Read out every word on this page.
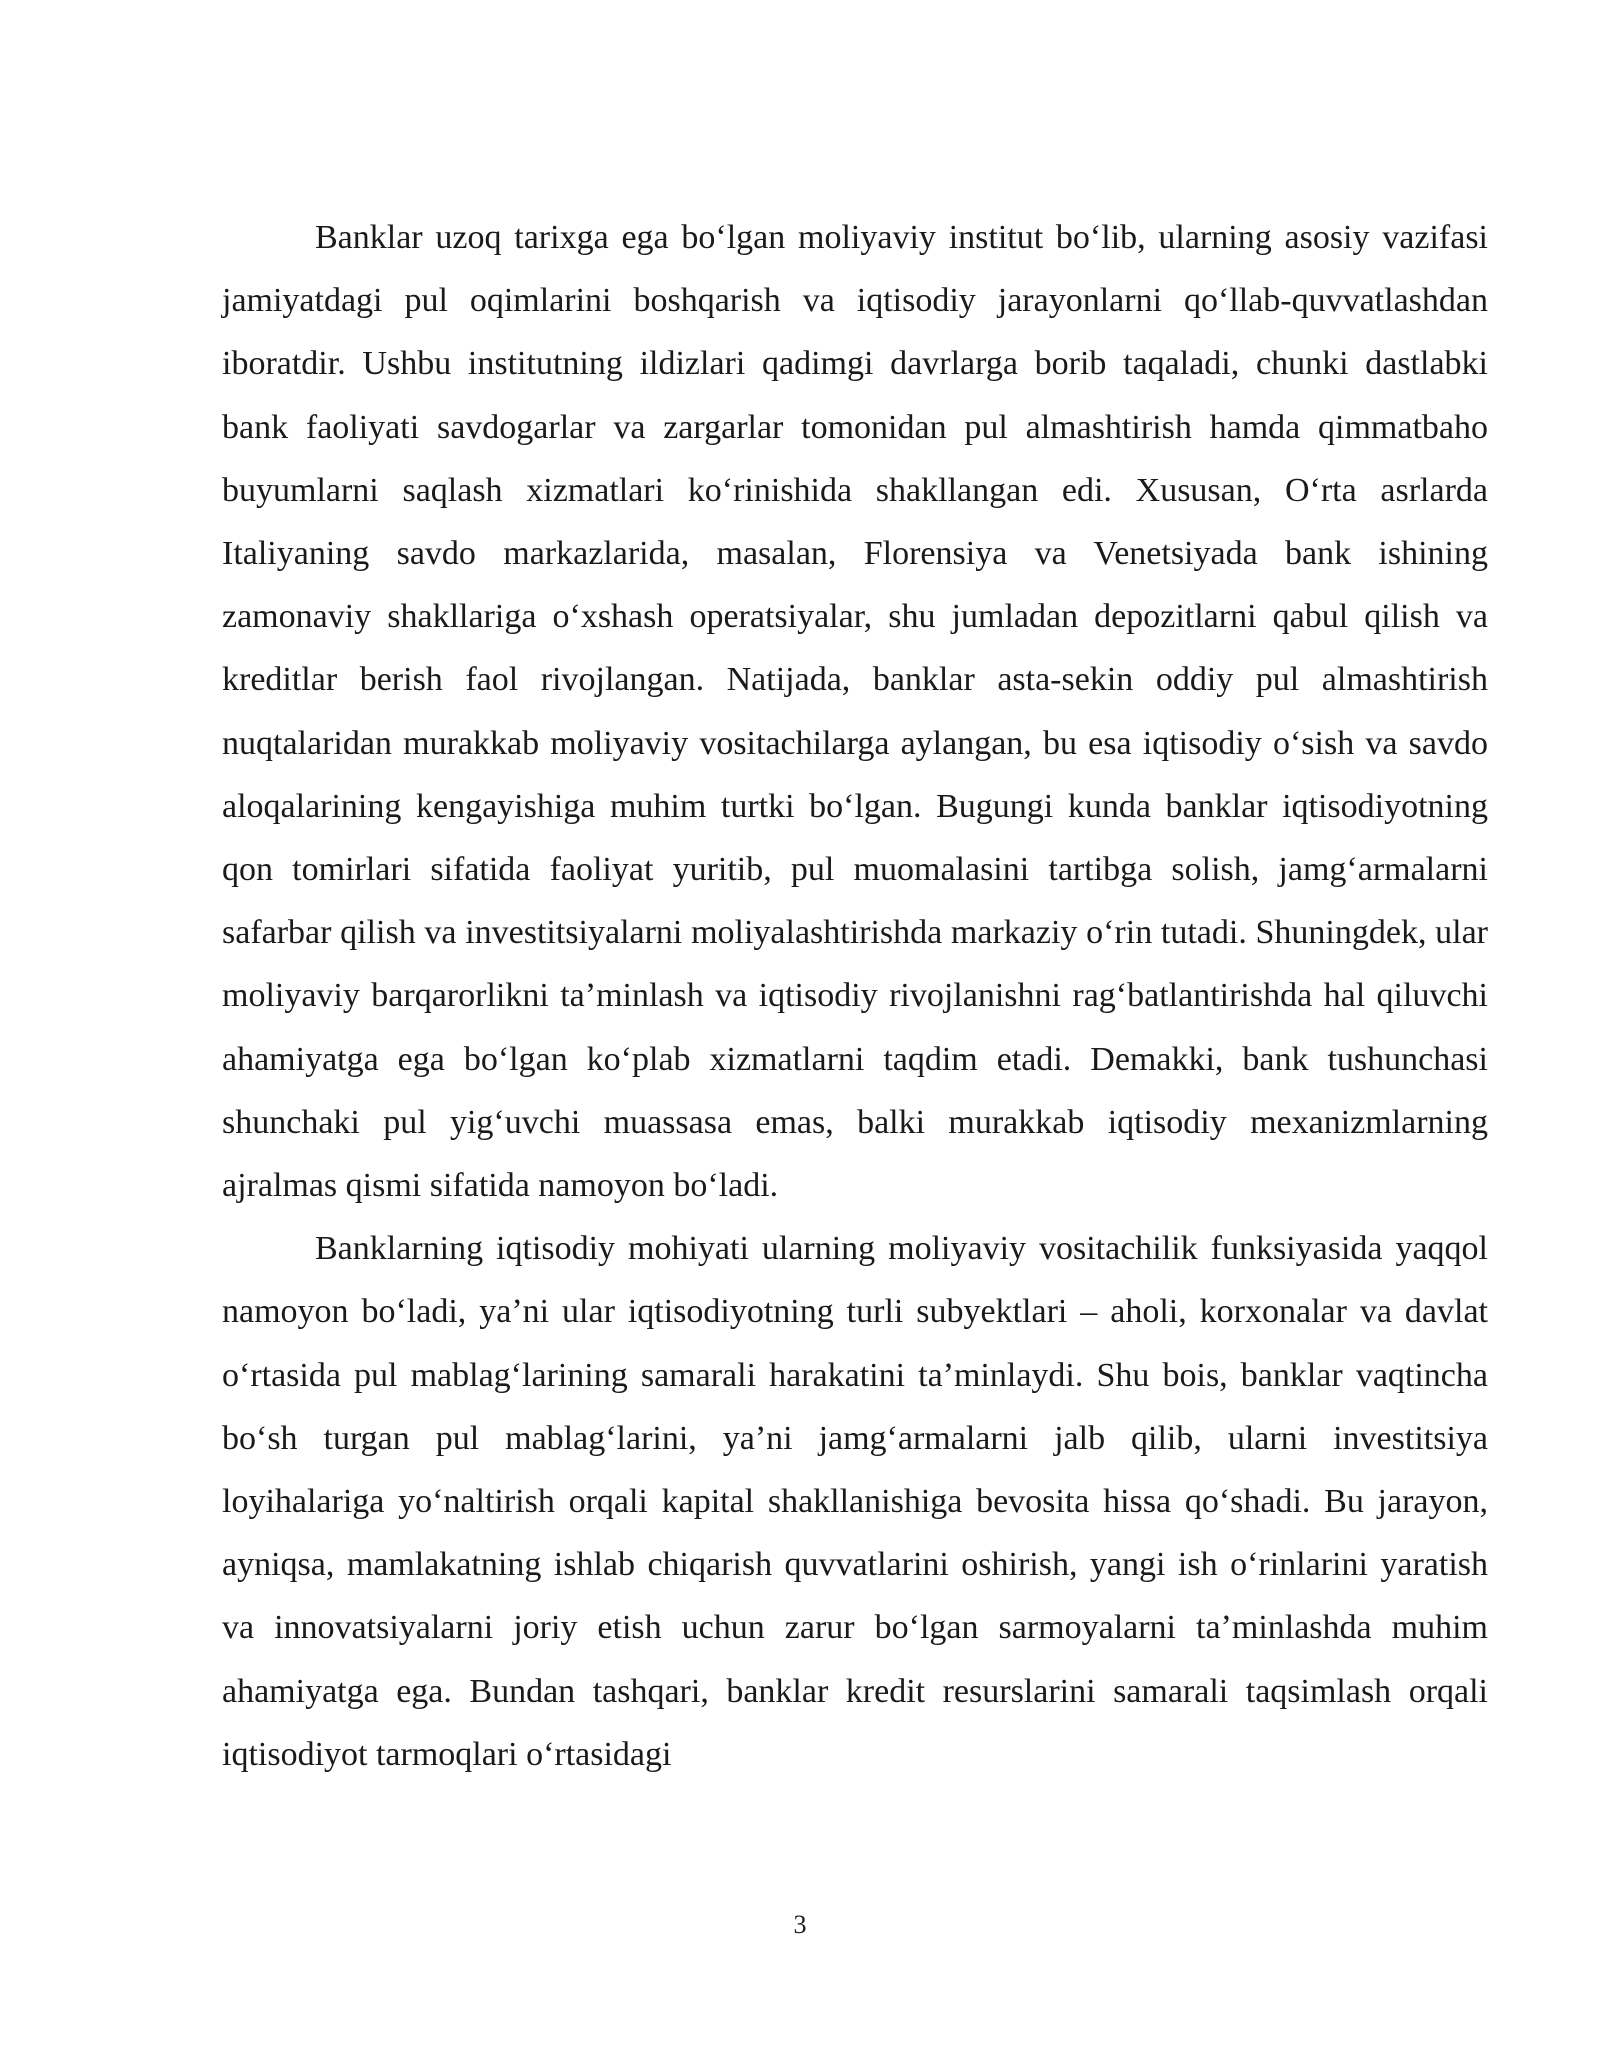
Banklar uzoq tarixga ega boʻlgan moliyaviy institut boʻlib, ularning asosiy vazifasi jamiyatdagi pul oqimlarini boshqarish va iqtisodiy jarayonlarni qoʻllab-quvvatlashdan iboratdir. Ushbu institutning ildizlari qadimgi davrlarga borib taqaladi, chunki dastlabki bank faoliyati savdogarlar va zargarlar tomonidan pul almashtirish hamda qimmatbaho buyumlarni saqlash xizmatlari koʻrinishida shakllangan edi. Xususan, Oʻrta asrlarda Italiyaning savdo markazlarida, masalan, Florensiya va Venetsiyada bank ishining zamonaviy shakllariga oʻxshash operatsiyalar, shu jumladan depozitlarni qabul qilish va kreditlar berish faol rivojlangan. Natijada, banklar asta-sekin oddiy pul almashtirish nuqtalaridan murakkab moliyaviy vositachilarga aylangan, bu esa iqtisodiy oʻsish va savdo aloqalarining kengayishiga muhim turtki boʻlgan. Bugungi kunda banklar iqtisodiyotning qon tomirlari sifatida faoliyat yuritib, pul muomalasini tartibga solish, jamgʻarmalarni safarbar qilish va investitsiyalarni moliyalashtirishda markaziy oʻrin tutadi. Shuningdek, ular moliyaviy barqarorlikni taʼminlash va iqtisodiy rivojlanishni ragʻbatlantirishda hal qiluvchi ahamiyatga ega boʻlgan koʻplab xizmatlarni taqdim etadi. Demakki, bank tushunchasi shunchaki pul yigʻuvchi muassasa emas, balki murakkab iqtisodiy mexanizmlarning ajralmas qismi sifatida namoyon boʻladi.

Banklarning iqtisodiy mohiyati ularning moliyaviy vositachilik funksiyasida yaqqol namoyon boʻladi, yaʼni ular iqtisodiyotning turli subyektlari – aholi, korxonalar va davlat oʻrtasida pul mablagʻlarining samarali harakatini taʼminlaydi. Shu bois, banklar vaqtincha boʻsh turgan pul mablagʻlarini, yaʼni jamgʻarmalarni jalb qilib, ularni investitsiya loyihalariga yoʻnaltirish orqali kapital shakllanishiga bevosita hissa qoʻshadi. Bu jarayon, ayniqsa, mamlakatning ishlab chiqarish quvvatlarini oshirish, yangi ish oʻrinlarini yaratish va innovatsiyalarni joriy etish uchun zarur boʻlgan sarmoyalarni taʼminlashda muhim ahamiyatga ega. Bundan tashqari, banklar kredit resurslarini samarali taqsimlash orqali iqtisodiyot tarmoqlari oʻrtasidagi

3
